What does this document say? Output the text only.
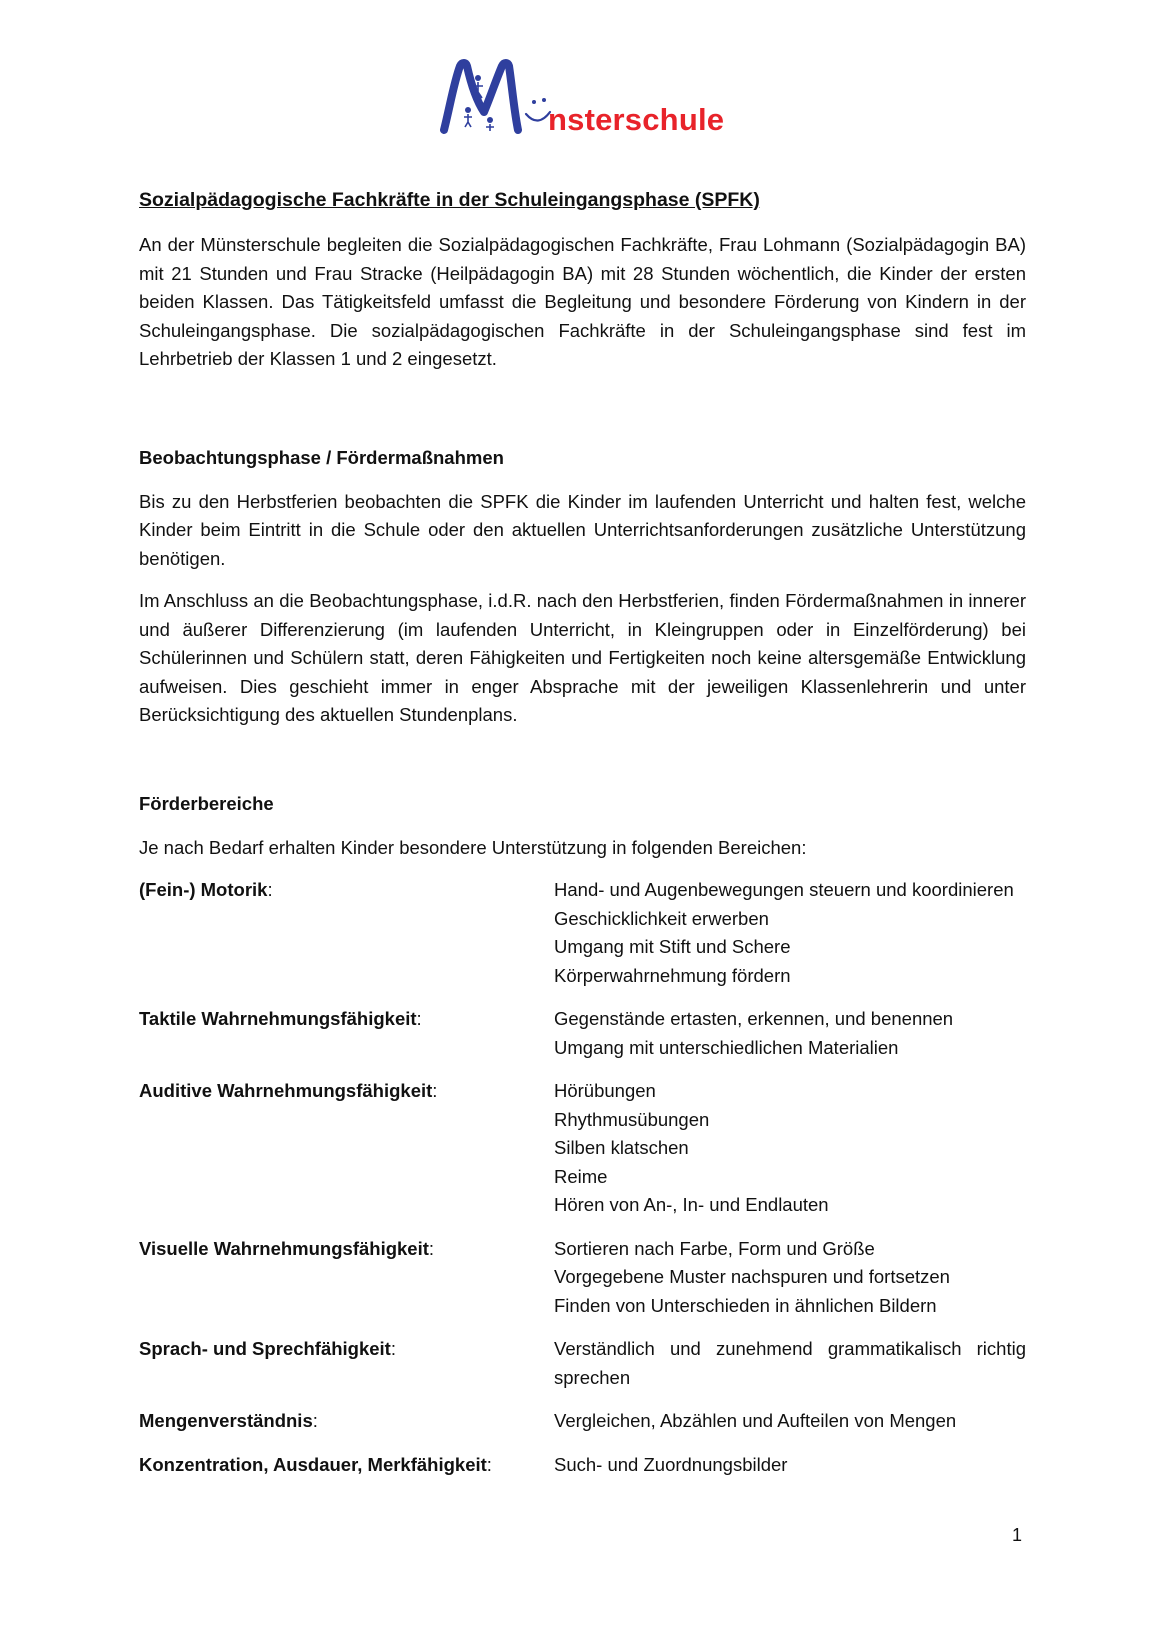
nsterschule
Sozialpädagogische Fachkräfte in der Schuleingangsphase (SPFK)

An der Münsterschule begleiten die Sozialpädagogischen Fachkräfte, Frau Lohmann (Sozialpädagogin BA) mit 21 Stunden und Frau Stracke (Heilpädagogin BA) mit 28 Stunden wöchentlich, die Kinder der ersten beiden Klassen. Das Tätigkeitsfeld umfasst die Begleitung und besondere Förderung von Kindern in der Schuleingangsphase. Die sozialpädagogischen Fachkräfte in der Schuleingangsphase sind fest im Lehrbetrieb der Klassen 1 und 2 eingesetzt.

Beobachtungsphase / Fördermaßnahmen

Bis zu den Herbstferien beobachten die SPFK die Kinder im laufenden Unterricht und halten fest, welche Kinder beim Eintritt in die Schule oder den aktuellen Unterrichtsanforderungen zusätzliche Unterstützung benötigen.

Im Anschluss an die Beobachtungsphase, i.d.R. nach den Herbstferien, finden Fördermaßnahmen in innerer und äußerer Differenzierung (im laufenden Unterricht, in Kleingruppen oder in Einzelförderung) bei Schülerinnen und Schülern statt, deren Fähigkeiten und Fertigkeiten noch keine altersgemäße Entwicklung aufweisen. Dies geschieht immer in enger Absprache mit der jeweiligen Klassenlehrerin und unter Berücksichtigung des aktuellen Stundenplans.

Förderbereiche

Je nach Bedarf erhalten Kinder besondere Unterstützung in folgenden Bereichen:

(Fein-) Motorik:	Hand- und Augenbewegungen steuern und koordinieren
Geschicklichkeit erwerben
Umgang mit Stift und Schere
Körperwahrnehmung fördern

Taktile Wahrnehmungsfähigkeit:	Gegenstände ertasten, erkennen, und benennen
Umgang mit unterschiedlichen Materialien

Auditive Wahrnehmungsfähigkeit:	Hörübungen
Rhythmusübungen
Silben klatschen
Reime
Hören von An-, In- und Endlauten

Visuelle Wahrnehmungsfähigkeit:	Sortieren nach Farbe, Form und Größe
Vorgegebene Muster nachspuren und fortsetzen
Finden von Unterschieden in ähnlichen Bildern

Sprach- und Sprechfähigkeit:	Verständlich und zunehmend grammatikalisch richtig sprechen

Mengenverständnis:	Vergleichen, Abzählen und Aufteilen von Mengen

Konzentration, Ausdauer, Merkfähigkeit:	Such- und Zuordnungsbilder
1
